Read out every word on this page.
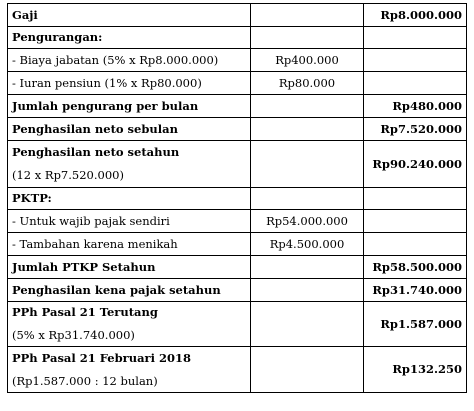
Gaji		Rp8.000.000
Pengurangan:		
- Biaya jabatan (5% x Rp8.000.000)	Rp400.000	
- Iuran pensiun (1% x Rp80.000)	Rp80.000	
Jumlah pengurang per bulan		Rp480.000
Penghasilan neto sebulan		Rp7.520.000

Penghasilan neto setahun
(12 x Rp7.520.000)		Rp90.240.000
PKTP:		
- Untuk wajib pajak sendiri	Rp54.000.000	
- Tambahan karena menikah	Rp4.500.000	
Jumlah PTKP Setahun		Rp58.500.000
Penghasilan kena pajak setahun		Rp31.740.000

PPh Pasal 21 Terutang
(5% x Rp31.740.000)		Rp1.587.000

PPh Pasal 21 Februari 2018
(Rp1.587.000 : 12 bulan)		Rp132.250
